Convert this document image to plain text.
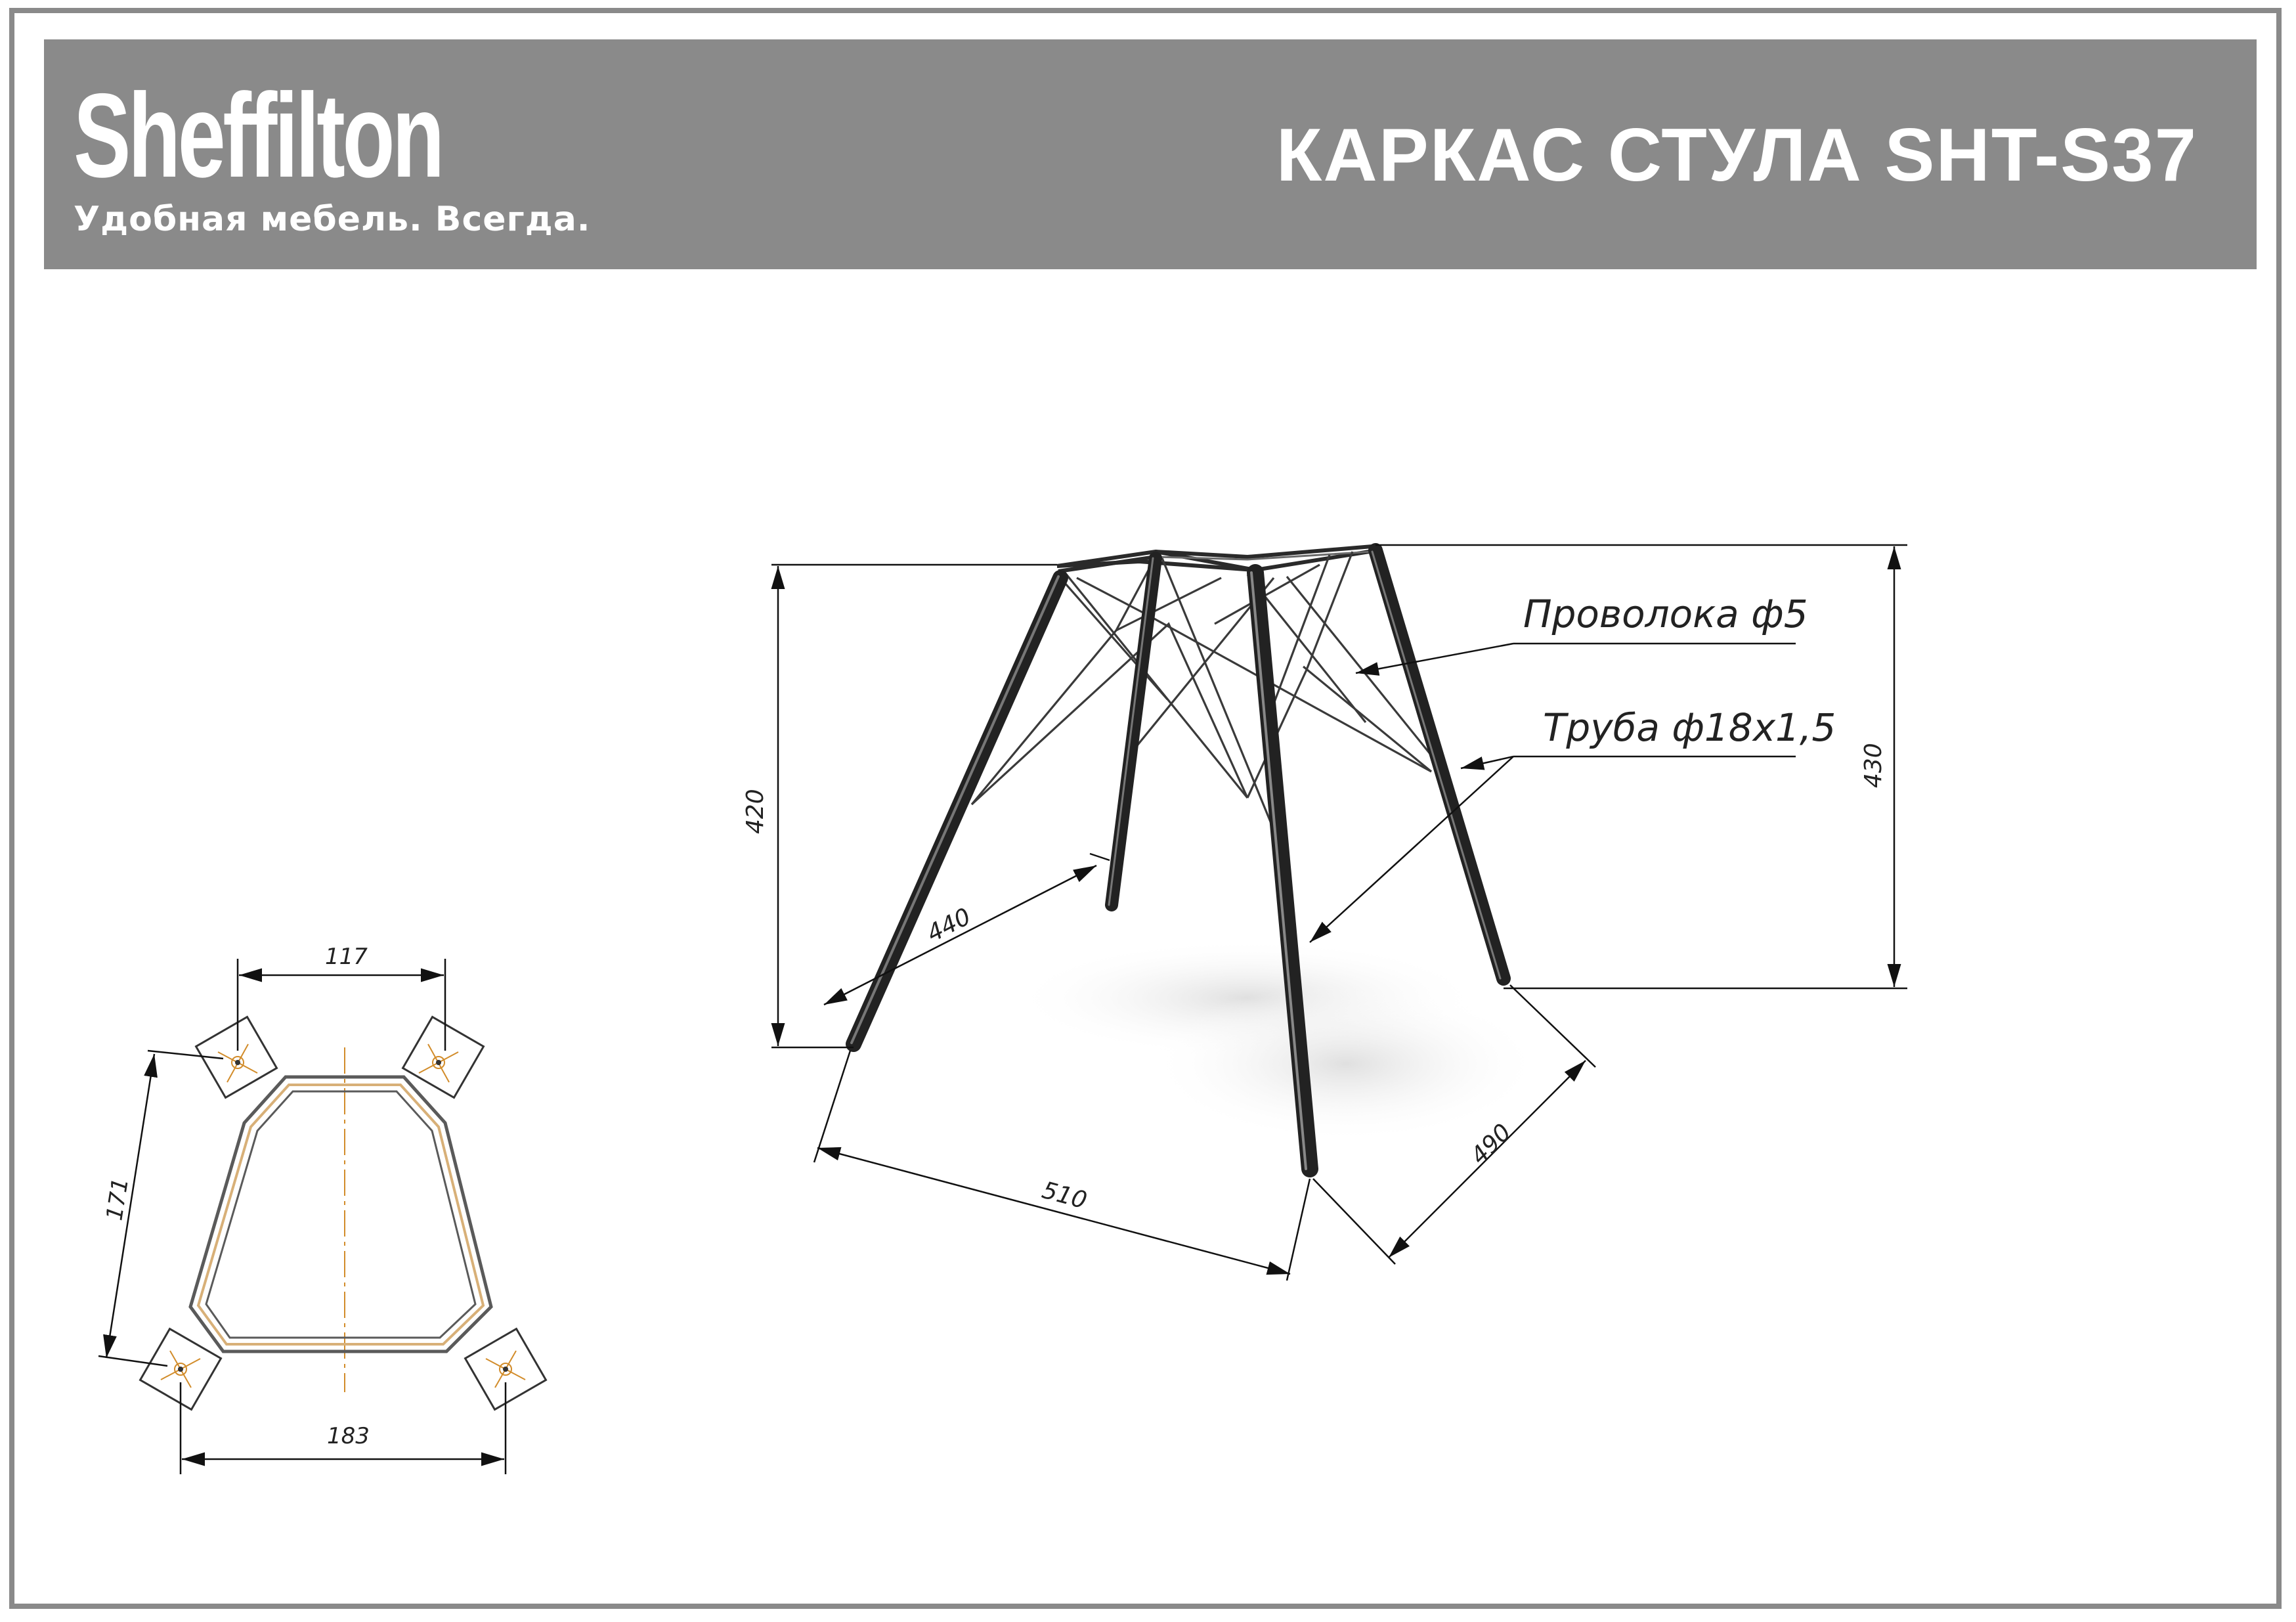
Sheffilton
Удобная мебель. Всегда.
КАРКАС СТУЛА SHT-S37
Проволока ф5
Труба ф18х1,5
420
430
440
510
490
117
183
171
